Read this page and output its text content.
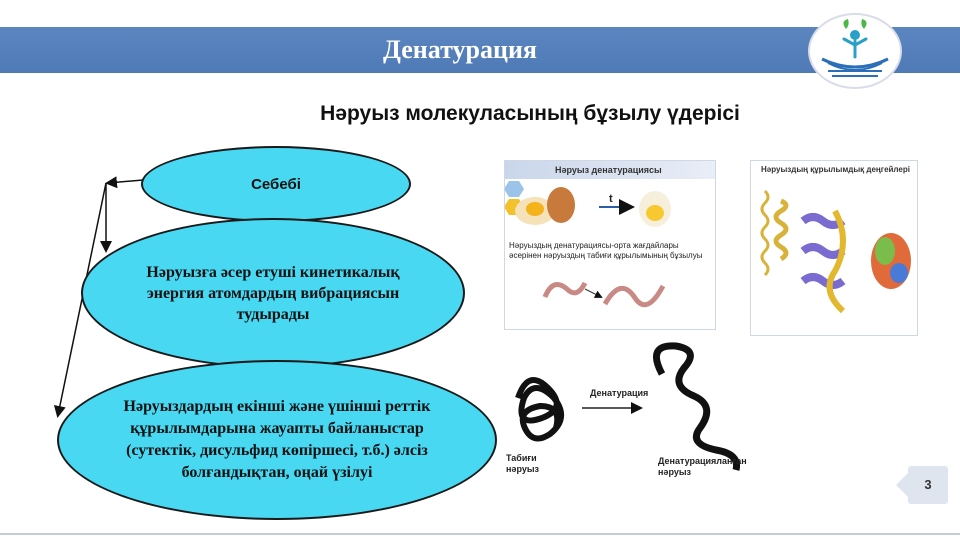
Денатурация
Нәруыз молекуласының бұзылу үдерісі
Себебі
Нәруызға әсер етуші кинетикалық энергия атомдардың вибрациясын тудырады
Нәруыздардың екінші және үшінші реттік құрылымдарына жауапты байланыстар (сутектік, дисульфид көпіршесі, т.б.) әлсіз болғандықтан, оңай үзілуі
Нәруыз денатурациясы
t
Нәруыздың денатурациясы-орта жағдайлары әсерінен нәруыздың табиғи құрылымының бұзылуы
Нәруыздың құрылымдық деңгейлері
Денатурация
Табиғи нәруыз
Денатурацияланған нәруыз
3
